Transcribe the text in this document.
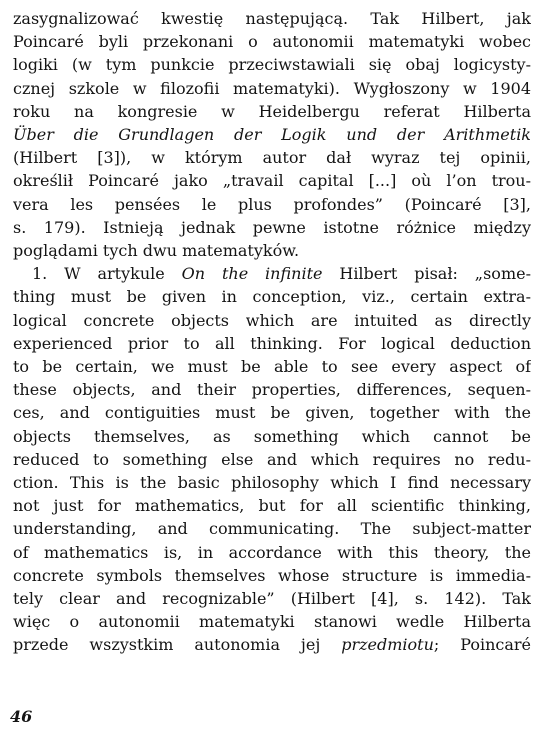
zasygnalizować kwestię następującą. Tak Hilbert, jak
Poincaré byli przekonani o autonomii matematyki wobec
logiki (w tym punkcie przeciwstawiali się obaj logicysty-
cznej szkole w filozofii matematyki). Wygłoszony w 1904
roku na kongresie w Heidelbergu referat Hilberta
Über die Grundlagen der Logik und der Arithmetik
(Hilbert [3]), w którym autor dał wyraz tej opinii,
określił Poincaré jako „travail capital [...] où l’on trou-
vera les pensées le plus profondes” (Poincaré [3],
s. 179). Istnieją jednak pewne istotne różnice między
poglądami tych dwu matematyków.
1. W artykule On the infinite Hilbert pisał: „some-
thing must be given in conception, viz., certain extra-
logical concrete objects which are intuited as directly
experienced prior to all thinking. For logical deduction
to be certain, we must be able to see every aspect of
these objects, and their properties, differences, sequen-
ces, and contiguities must be given, together with the
objects themselves, as something which cannot be
reduced to something else and which requires no redu-
ction. This is the basic philosophy which I find necessary
not just for mathematics, but for all scientific thinking,
understanding, and communicating. The subject-matter
of mathematics is, in accordance with this theory, the
concrete symbols themselves whose structure is immedia-
tely clear and recognizable” (Hilbert [4], s. 142). Tak
więc o autonomii matematyki stanowi wedle Hilberta
przede wszystkim autonomia jej przedmiotu; Poincaré
46
